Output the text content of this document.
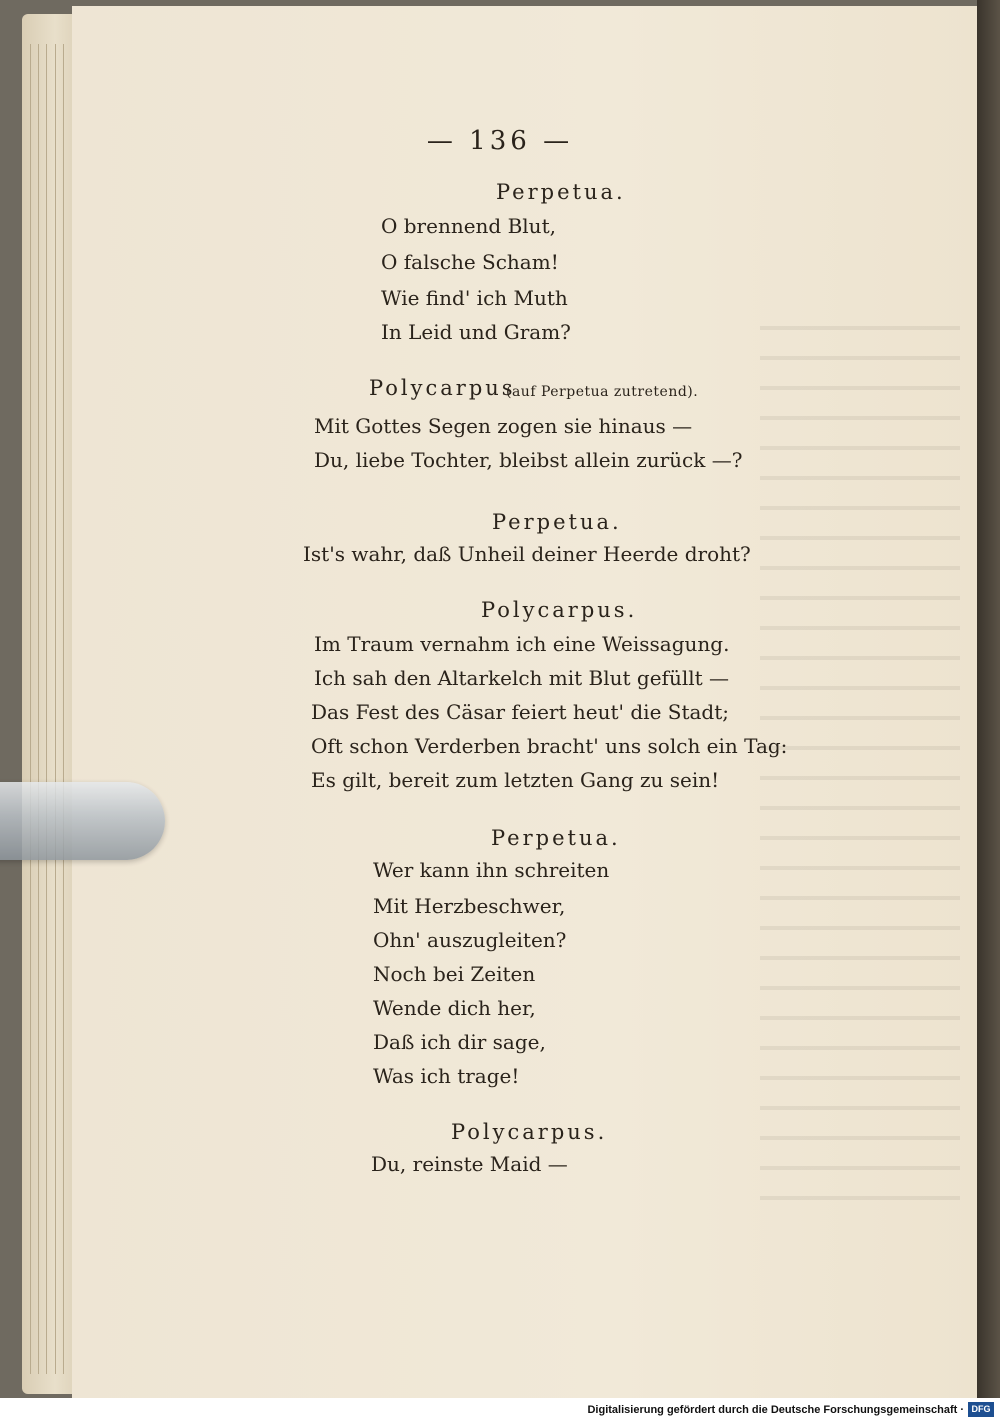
— 136 —
Perpetua.
O brennend Blut,
O falsche Scham!
Wie find' ich Muth
In Leid und Gram?
Polycarpus
(auf Perpetua zutretend).
Mit Gottes Segen zogen sie hinaus —
Du, liebe Tochter, bleibst allein zurück —?
Perpetua.
Ist's wahr, daß Unheil deiner Heerde droht?
Polycarpus.
Im Traum vernahm ich eine Weissagung.
Ich sah den Altarkelch mit Blut gefüllt —
Das Fest des Cäsar feiert heut' die Stadt;
Oft schon Verderben bracht' uns solch ein Tag:
Es gilt, bereit zum letzten Gang zu sein!
Perpetua.
Wer kann ihn schreiten
Mit Herzbeschwer,
Ohn' auszugleiten?
Noch bei Zeiten
Wende dich her,
Daß ich dir sage,
Was ich trage!
Polycarpus.
Du, reinste Maid —
Digitalisierung gefördert durch die Deutsche Forschungsgemeinschaft · DFG
